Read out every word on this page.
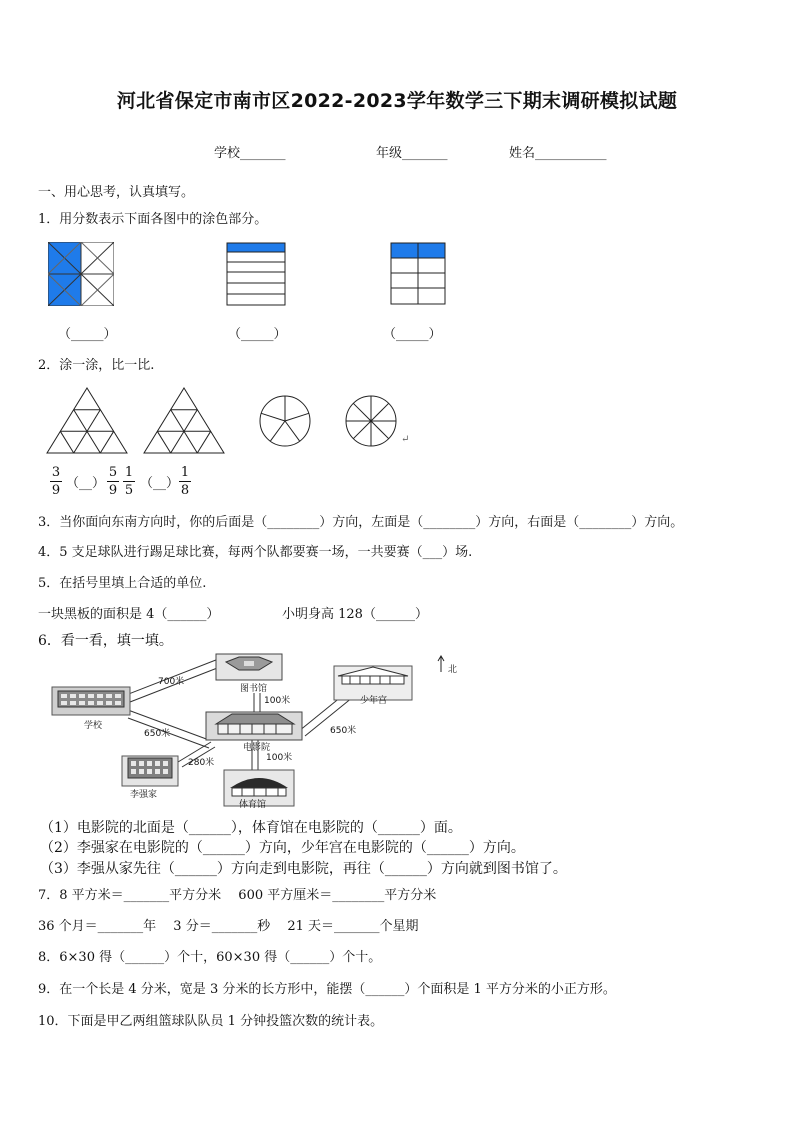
河北省保定市南市区2022-2023学年数学三下期末调研模拟试题
学校_______	年级_______	姓名___________
一、用心思考，认真填写。
1．用分数表示下面各图中的涂色部分。
（_____）	（_____）	（_____）
2．涂一涂，比一比.
↵
3
9 （__）
5
9
1
5 （__）
1
8
3．当你面向东南方向时，你的后面是（________）方向，左面是（________）方向，右面是（________）方向。
4．5 支足球队进行踢足球比赛，每两个队都要赛一场，一共要赛（___）场.
5．在括号里填上合适的单位.
一块黑板的面积是 4（______）	小明身高 128（______）
6．看一看，填一填。
北
图书馆
少年宫
学校
电影院
李强家
体育馆
700米
100米
650米	650米
280米	100米
（1）电影院的北面是（______），体育馆在电影院的（______）面。
（2）李强家在电影院的（______）方向，少年宫在电影院的（______）方向。
（3）李强从家先往（______）方向走到电影院，再往（______）方向就到图书馆了。
7．8 平方米＝_______平方分米　 600 平方厘米＝________平方分米
36 个月＝_______年　 3 分＝_______秒　 21 天＝_______个星期
8．6×30 得（______）个十，60×30 得（______）个十。
9．在一个长是 4 分米，宽是 3 分米的长方形中，能摆（______）个面积是 1 平方分米的小正方形。
10．下面是甲乙两组篮球队队员 1 分钟投篮次数的统计表。
